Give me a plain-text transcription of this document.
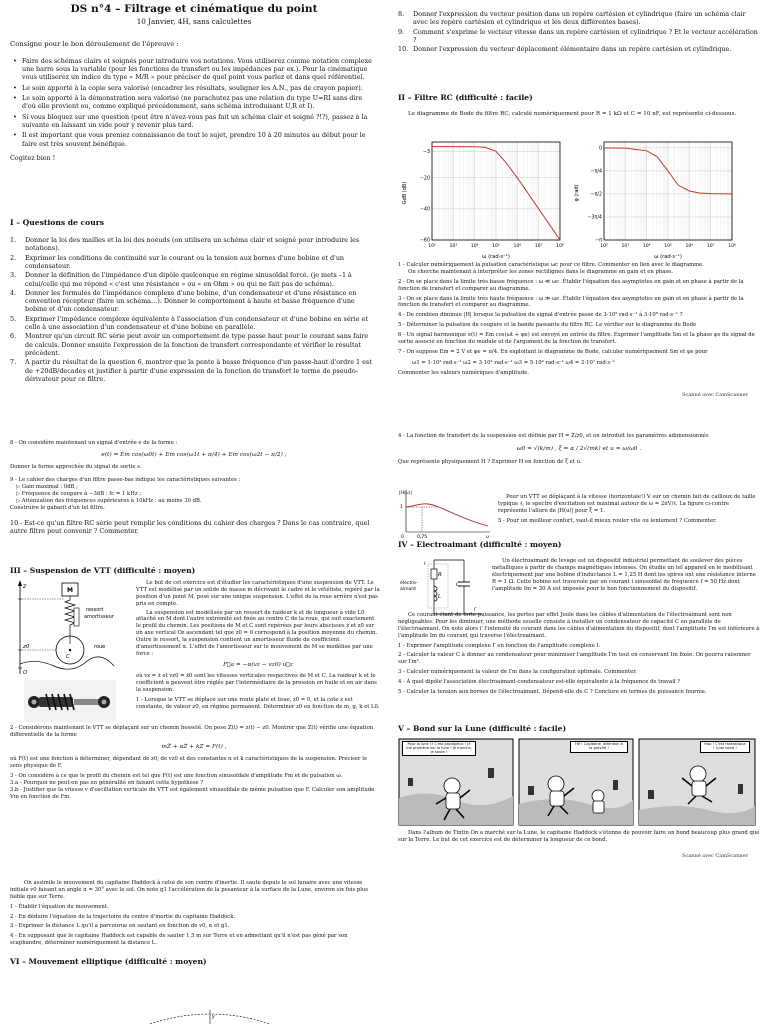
DS n°4 – Filtrage et cinématique du point
10 Janvier, 4H, sans calculettes
Consigne pour le bon déroulement de l'épreuve :
• Faire des schémas clairs et soignés pour introduire vos notations. Vous utiliserez comme notation complexe une barre sous la variable (pour les fonctions de transfert ou les impédances par ex.). Pour la cinématique vous utiliserez un indice du type « M/R » pour préciser de quel point vous parlez et dans quel référentiel.
• Le soin apporté à la copie sera valorisé (encadrer les résultats, souligner les A.N., pas de crayon papier).
• Le soin apporté à la démonstration sera valorisé (ne parachutez pas une relation du type U=RI sans dire d'où elle provient ou, comme expliqué précédemment, sans schéma introduisant U,R et I).
• Si vous bloquez sur une question (peut être n'avez-vous pas fait un schéma clair et soigné ?!?), passez à la suivante en laissant un vide pour y revenir plus tard.
• Il est important que vous preniez connaissance de tout le sujet, prendre 10 à 20 minutes au début pour le faire est très souvent bénéfique.
Cogitez bien !
I – Questions de cours
1.	Donner la loi des mailles et la loi des noeuds (on utilisera un schéma clair et soigné pour introduire les notations).
2.	Exprimer les conditions de continuité sur le courant ou la tension aux bornes d'une bobine et d'un condensateur.
3.	Donner la définition de l'impédance d'un dipôle quelconque en régime sinusoïdal forcé. (je mets –1 à celui/celle qui me répond « c'est une résistance » ou « en Ohm » ou qui ne fait pas de schéma).
4.	Donner les formules de l'impédance complexe d'une bobine, d'un condensateur et d'une résistance en convention récepteur (faire un schéma…). Donner le comportement à haute et basse fréquence d'une bobine et d'un condensateur.
5.	Exprimer l'impédance complexe équivalente à l'association d'un condensateur et d'une bobine en série et celle à une association d'un condensateur et d'une bobine en parallèle.
6.	Montrer qu'un circuit RC série peut avoir un comportement de type passe haut pour le courant sans faire de calculs. Donner ensuite l'expression de la fonction de transfert correspondante et vérifier le résultat précédent.
7.	A partir du résultat de la question 6, montrer que la pente à basse fréquence d'un passe-haut d'ordre 1 est de +20dB/decades et justifier à partir d'une expression de la fonction de transfert le terme de pseudo-dérivateur pour ce filtre.
8.	Donner l'expression du vecteur position dans un repère cartésien et cylindrique (faire un schéma clair avec les repère cartésien et cylindrique et les deux différentes bases).
9.	Comment s'exprime le vecteur vitesse dans un repère cartésien et cylindrique ? Et le vecteur accélération ?
10. Donner l'expression du vecteur déplacement élémentaire dans un repère cartésien et cylindrique.
II – Filtre RC (difficulté : facile)
Le diagramme de Bode du filtre RC, calculé numériquement pour R = 1 kΩ et C = 10 nF, est représenté ci-dessous.
−3
−20
−40
−60
10²	10³	10⁴	10⁵	10⁶	10⁷	10⁸
GdB (dB)
ω (rad·s⁻¹)
0
−π/4
−π/2
−3π/4
−π
10²	10³	10⁴	10⁵	10⁶	10⁷	10⁸
φ (rad)
ω (rad·s⁻¹)
1 - Calculer numériquement la pulsation caractéristique ωc pour ce filtre. Commenter en lien avec le diagramme.
On cherche maintenant à interpréter les zones rectilignes dans le diagramme en gain et en phase.
2 - On se place dans la limite très basse fréquence : ω ≪ ωc. Établir l'équation des asymptotes en gain et en phase à partir de la fonction de transfert et comparer au diagramme.
3 - On se place dans la limite très haute fréquence : ω ≫ ωc. Établir l'équation des asymptotes en gain et en phase à partir de la fonction de transfert et comparer au diagramme.
4 - De combien diminue |H| lorsque la pulsation du signal d'entrée passe de 3·10⁵ rad·s⁻¹ à 3·10⁶ rad·s⁻¹ ?
5 - Déterminer la pulsation de coupure et la bande passante du filtre RC. Le vérifier sur le diagramme de Bode
6 - Un signal harmonique e(t) = Em cos(ωt + φe) est envoyé en entrée du filtre. Exprimer l'amplitude Sm et la phase φs du signal de sortie associé en fonction du module et de l'argument de la fonction de transfert.
7 - On suppose Em = 2 V et φe = π/4. En exploitant le diagramme de Bode, calculer numériquement Sm et φs pour
ω1 = 1·10² rad·s⁻¹ ω2 = 3·10³ rad·s⁻¹ ω3 = 5·10⁴ rad·s⁻¹ ω4 = 2·10⁷ rad·s⁻¹
Commenter les valeurs numériques d'amplitude.
Scanné avec CamScanner
8 - On considère maintenant un signal d'entrée e de la forme :
e(t) = Em cos(ω0t) + Em cos(ω1t + π/4) + Em cos(ω2t − π/2) ;
Donner la forme approchée du signal de sortie s.
9 - Le cahier des charges d'un filtre passe-bas indique les caractéristiques suivantes :
▷ Gain maximal : 0dB ;
▷ Fréquence de coupure à −3dB : fc = 1 kHz ;
▷ Atténuation des fréquences supérieures à 10kHz : au moins 30 dB.
Construire le gabarit d'un tel filtre.
10 - Est-ce qu'un filtre RC série peut remplir les conditions du cahier des charges ? Dans le cas contraire, quel autre filtre peut convenir ? Commenter.
III – Suspension de VTT (difficulté : moyen)
z
M
ressort
amortisseur
C
roue
z0
O
Le but de cet exercice est d'étudier les caractéristiques d'une suspension de VTT. Le VTT est modélisé par un solide de masse m décrivant le cadre et le vététiste, repéré par la position d'un point M, posé sur une unique suspension. L'effet de la roue arrière n'est pas pris en compte.
La suspension est modélisée par un ressort de raideur k et de longueur à vide L0 attaché en M dont l'autre extrémité est fixée au centre C de la roue, qui suit exactement le profil du chemin. Les positions de M et C sont repérées par leurs abscisses z et z0 sur un axe vertical Oz ascendant tel que z0 = 0 correspond à la position moyenne du chemin. Outre le ressort, la suspension contient un amortisseur fluide de coefficient d'amortissement α. L'effet de l'amortisseur sur le mouvement de M se modélise par une force :
F⃗a = −α(vz − vz0) u⃗z
où vz = ż et vz0 = ż0 sont les vitesses verticales respectives de M et C. La raideur k et le coefficient α peuvent être réglés par l'intermédiaire de la pression en huile et en air dans la suspension.
1 - Lorsque le VTT se déplace sur une route plate et lisse, z0 = 0, et la cote z est constante, de valeur z0, en régime permanent. Déterminer z0 en fonction de m, g, k et L0.
2 - Considérons maintenant le VTT se déplaçant sur un chemin bosselé. On pose Z(t) = z(t) − z0. Montrer que Z(t) vérifie une équation différentielle de la forme
mZ̈ + αŻ + kZ = F(t) ,
où F(t) est une fonction à déterminer, dépendant de z0, de vz0 et des constantes α et k caractéristiques de la suspension. Préciser le sens physique de F.
3 - On considère à ce que le profil du chemin est tel que F(t) est une fonction sinusoïdale d'amplitude Fm et de pulsation ω.
3.a - Pourquoi ne peut-on pas en généralité en faisant cette hypothèse ?
3.b - Justifier que la vitesse v d'oscillation verticale du VTT est également sinusoïdale de même pulsation que F. Calculer son amplitude Vm en fonction de Fm.
On assimile le mouvement du capitaine Haddock à celui de son centre d'inertie. Il saute depuis le sol lunaire avec une vitesse initiale v0 faisant un angle α = 30° avec le sol. On note g1 l'accélération de la pesanteur à la surface de la Lune, environ six fois plus faible que sur Terre.
1 - Établir l'équation du mouvement.
2 - En déduire l'équation de la trajectoire du centre d'inertie du capitaine Haddock.
3 - Exprimer la distance L qu'il a parcourue en sautant en fonction de v0, α et g1.
4 - En supposant que le capitaine Haddock est capable de sauter 1,5 m sur Terre et en admettant qu'il n'est pas gêné par son scaphandre, déterminer numériquement la distance L.
VI – Mouvement elliptique (difficulté : moyen)
y
4 - La fonction de transfert de la suspension est définie par H = Z/z0, et on introduit les paramètres adimensionnés
ω0 = √(k/m) , ξ = α / 2√(mk) et u = ω/ω0 .
Que représente physiquement H ? Exprimer H en fonction de ξ et u.
|H(u)|
1
0	0,75	u
Pour un VTT se déplaçant à la vitesse (horizontale!) V sur un chemin fait de cailloux de taille typique ℓ, le spectre d'excitation est maximal autour de ω = 2πV/ℓ. La figure ci-contre représente l'allure de |H(u)| pour ξ = 1.
5 - Pour un meilleur confort, vaut-il mieux rouler vite ou lentement ? Commenter.
IV – Electroaimant (difficulté : moyen)
C
R
L
i
électro-
aimant
i′
Un électroaimant de levage est un dispositif industriel permettant de soulever des pièces métalliques à partir de champs magnétiques intenses. On étudie un tel appareil en le modélisant électriquement par une bobine d'inductance L = 1,25 H dont les spires ont une résistance interne R = 1 Ω. Cette bobine est traversée par un courant i sinusoïdal de fréquence f = 50 Hz dont l'amplitude Im = 30 A est imposée pour le bon fonctionnement du dispositif.
Ce courant étant de forte puissance, les pertes par effet Joule dans les câbles d'alimentation de l'électroaimant sont non négligeables. Pour les diminuer, une méthode usuelle consiste à installer un condensateur de capacité C en parallèle de l'électroaimant. On note alors i′ l'intensité du courant dans les câbles d'alimentation du dispositif, dont l'amplitude I′m est inférieure à l'amplitude Im du courant qui traverse l'électroaimant.
1 - Exprimer l'amplitude complexe I′ en fonction de l'amplitude complexe I.
2 - Calculer la valeur C à donner au condensateur pour minimiser l'amplitude I′m tout en conservant Im fixée. On pourra raisonner sur I′m².
3 - Calculer numériquement la valeur de I′m dans la configuration optimale. Commenter.
4 - À quel dipôle l'association électroaimant-condensateur est-elle équivalente à la fréquence de travail ?
5 - Calculer la tension aux bornes de l'électroaimant. Dépend-elle de C ? Conclure en termes de puissance fournie.
V – Bond sur la Lune (difficulté : facile)
Pour la lune !? C'est prodigieux ! Je me promène sur la lune ! Je marche, je saute !
Hé ! Capitaine, attention à la gravité !
Hop ! C'est fantastique ! Quel bond !
Dans l'album de Tintin On a marché sur la Lune, le capitaine Haddock s'étonne de pouvoir faire un bond beaucoup plus grand que sur la Terre. Le but de cet exercice est de déterminer la longueur de ce bond.
Scanné avec CamScanner
